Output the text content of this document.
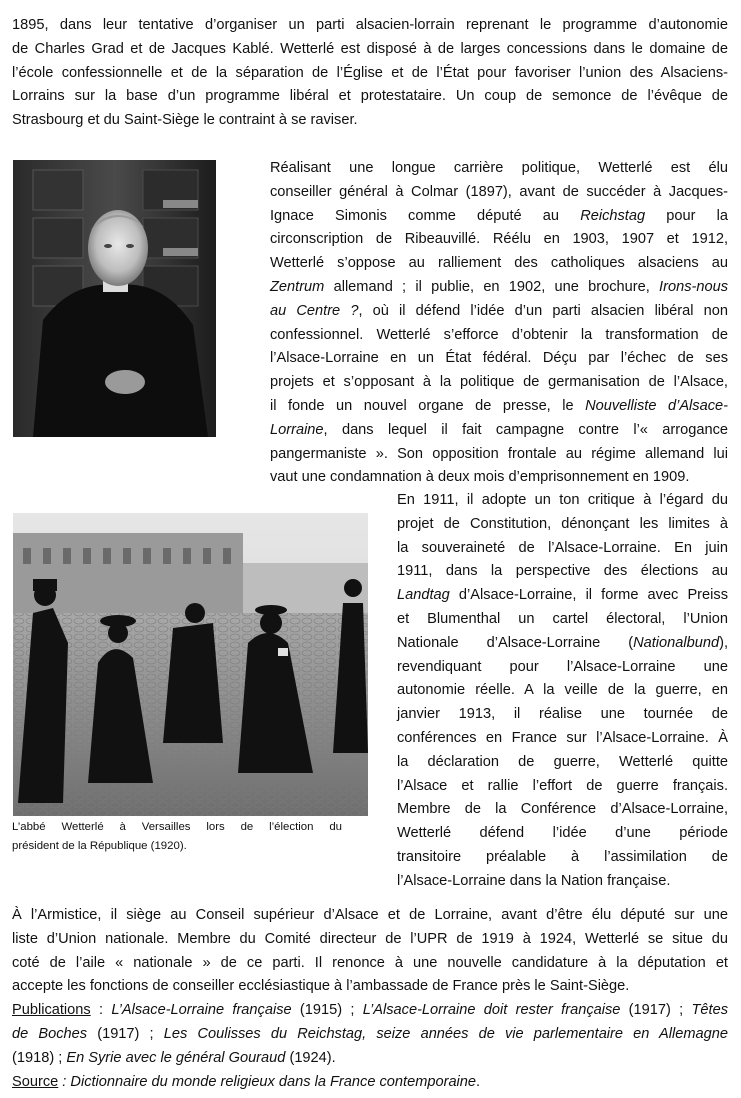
1895, dans leur tentative d’organiser un parti alsacien-lorrain reprenant le programme d’autonomie
de Charles Grad et de Jacques Kablé. Wetterlé est disposé à de larges concessions dans le domaine de
l’école confessionnelle et de la séparation de l’Église et de l’État pour favoriser l’union des Alsaciens-
Lorrains sur la base d’un programme libéral et protestataire. Un coup de semonce de l’évêque de
Strasbourg et du Saint-Siège le contraint à se raviser.
Réalisant une longue carrière politique, Wetterlé est élu
conseiller général à Colmar (1897), avant de succéder à Jacques-
Ignace Simonis comme député au Reichstag pour la
circonscription de Ribeauvillé. Réélu en 1903, 1907 et 1912,
Wetterlé s’oppose au ralliement des catholiques alsaciens au
Zentrum allemand ; il publie, en 1902, une brochure, Irons-nous
au Centre ?, où il défend l’idée d’un parti alsacien libéral non
confessionnel. Wetterlé s’efforce d’obtenir la transformation de
l’Alsace-Lorraine en un État fédéral. Déçu par l’échec de ses
projets et s’opposant à la politique de germanisation de l’Alsace,
il fonde un nouvel organe de presse, le Nouvelliste d’Alsace-
Lorraine, dans lequel il fait campagne contre l’« arrogance
pangermaniste ». Son opposition frontale au régime allemand lui
vaut une condamnation à deux mois d’emprisonnement en 1909.
L’abbé Wetterlé à Versailles lors de l’élection du
président de la République (1920).
En 1911, il adopte un ton critique à l’égard du
projet de Constitution, dénonçant les limites à
la souveraineté de l’Alsace-Lorraine. En juin
1911, dans la perspective des élections au
Landtag d’Alsace-Lorraine, il forme avec Preiss
et Blumenthal un cartel électoral, l’Union
Nationale d’Alsace-Lorraine (Nationalbund),
revendiquant pour l’Alsace-Lorraine une
autonomie réelle. A la veille de la guerre, en
janvier 1913, il réalise une tournée de
conférences en France sur l’Alsace-Lorraine. À
la déclaration de guerre, Wetterlé quitte
l’Alsace et rallie l’effort de guerre français.
Membre de la Conférence d’Alsace-Lorraine,
Wetterlé défend l’idée d’une période
transitoire préalable à l’assimilation de
l’Alsace-Lorraine dans la Nation française.
À l’Armistice, il siège au Conseil supérieur d’Alsace et de Lorraine, avant d’être élu député sur une
liste d’Union nationale. Membre du Comité directeur de l’UPR de 1919 à 1924, Wetterlé se situe du
coté de l’aile « nationale » de ce parti. Il renonce à une nouvelle candidature à la députation et
accepte les fonctions de conseiller ecclésiastique à l’ambassade de France près le Saint-Siège.
Publications : L’Alsace-Lorraine française (1915) ; L’Alsace-Lorraine doit rester française (1917) ; Têtes
de Boches (1917) ; Les Coulisses du Reichstag, seize années de vie parlementaire en Allemagne
(1918) ; En Syrie avec le général Gouraud (1924).
Source : Dictionnaire du monde religieux dans la France contemporaine.
